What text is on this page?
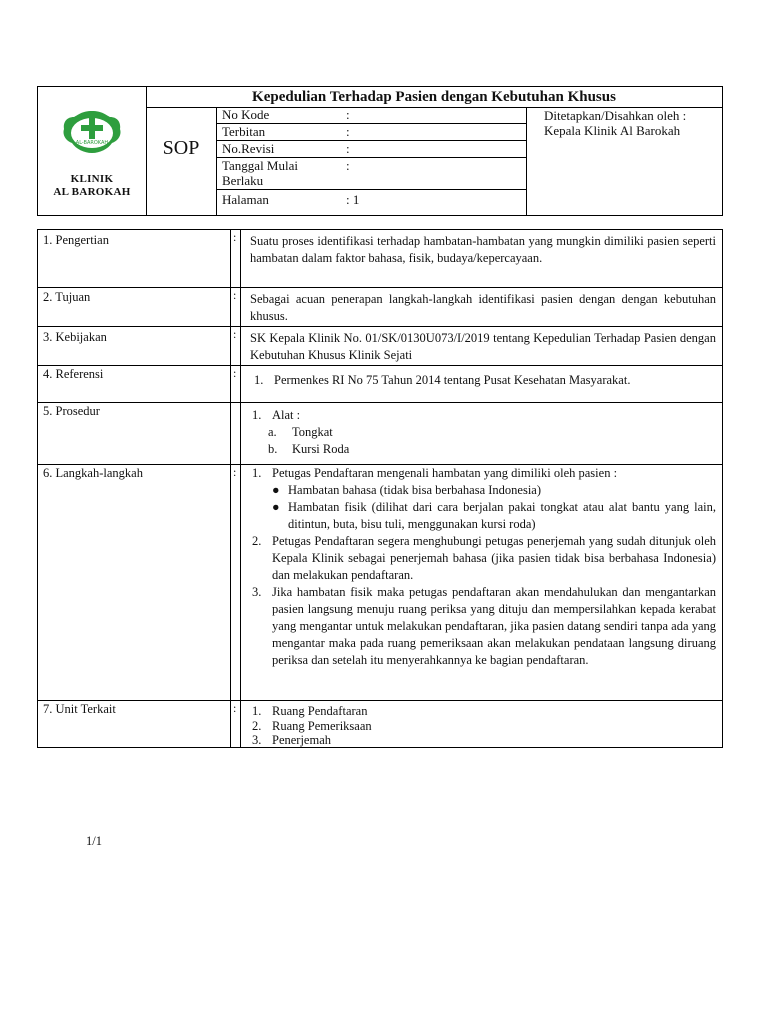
AL-BAROKAH
KLINIK
AL BAROKAH
Kepedulian Terhadap Pasien dengan Kebutuhan Khusus
SOP
No Kode	:
Terbitan	:
No.Revisi	:
Tanggal Mulai Berlaku
:
Halaman	: 1
Ditetapkan/Disahkan oleh :
Kepala Klinik Al Barokah
1. Pengertian	: Suatu proses identifikasi terhadap hambatan-hambatan yang mungkin dimiliki pasien seperti hambatan dalam faktor bahasa, fisik, budaya/kepercayaan.

2. Tujuan	: Sebagai acuan penerapan langkah-langkah identifikasi pasien dengan dengan kebutuhan khusus.

3. Kebijakan	: SK Kepala Klinik No. 01/SK/0130U073/I/2019 tentang Kepedulian Terhadap Pasien dengan Kebutuhan Khusus Klinik Sejati

4. Referensi	: 1. Permenkes RI No 75 Tahun 2014 tentang Pusat Kesehatan Masyarakat.
5. Prosedur	1. Alat :
a.	Tongkat
b.	Kursi Roda
6. Langkah-langkah	: 1. Petugas Pendaftaran mengenali hambatan yang dimiliki oleh pasien :
● Hambatan bahasa (tidak bisa berbahasa Indonesia)
● Hambatan fisik (dilihat dari cara berjalan pakai tongkat atau alat bantu yang lain, ditintun, buta, bisu tuli, menggunakan kursi roda)
2. Petugas Pendaftaran segera menghubungi petugas penerjemah yang sudah ditunjuk oleh Kepala Klinik sebagai penerjemah bahasa (jika pasien tidak bisa berbahasa Indonesia) dan melakukan pendaftaran.
3. Jika hambatan fisik maka petugas pendaftaran akan mendahulukan dan mengantarkan pasien langsung menuju ruang periksa yang dituju dan mempersilahkan kepada kerabat yang mengantar untuk melakukan pendaftaran, jika pasien datang sendiri tanpa ada yang mengantar maka pada ruang pemeriksaan akan melakukan pendataan langsung diruang periksa dan setelah itu menyerahkannya ke bagian pendaftaran.
7. Unit Terkait	: 1. Ruang Pendaftaran
2. Ruang Pemeriksaan
3. Penerjemah
1/1
